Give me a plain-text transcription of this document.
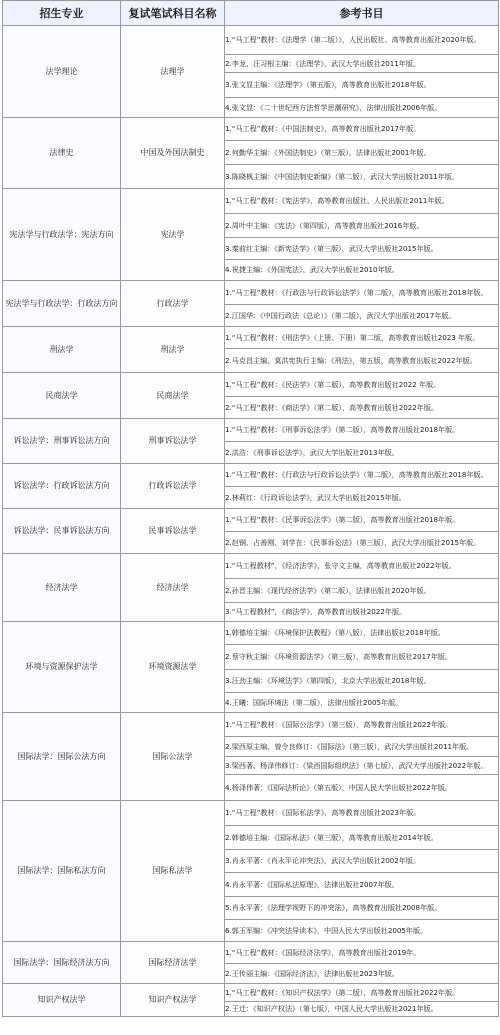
招生专业	复试笔试科目名称	参考书目
法学理论	法理学	1.“马工程”教材：《法理学（第二版）》，人民出版社、高等教育出版社2020年版。
		2.李龙、汪习根主编：《法理学》，武汉大学出版社2011年版。
		3.张文显主编：《法理学》（第五版），高等教育出版社2018年版。
		4.张文显：《二十世纪西方法哲学思潮研究》，法律出版社2006年版。
法律史	中国及外国法制史	1.“马工程”教材：《中国法制史》，高等教育出版社2017年版。
		2.何勤华主编：《外国法制史》（第三版），法律出版社2001年版。
		3.陈晓枫主编：《中国法制史新编》（第二版），武汉大学出版社2011年版。
宪法学与行政法学：宪法方向	宪法学	1.“马工程”教材：《宪法学》，高等教育出版社、人民出版社2011年版。
		2.周叶中主编：《宪法》（第四版），高等教育出版社2016年版。
		3.秦前红主编：《新宪法学》（第三版），武汉大学出版社2015年版。
		4.祝捷主编：《外国宪法》，武汉大学出版社2010年版。
宪法学与行政法学：行政法方向	行政法学	1.“马工程”教材：《行政法与行政诉讼法学》（第二版），高等教育出版社2018年版。
		2.江国华：《中国行政法（总论）》（第二版），武汉大学出版社2017年版。
刑法学	刑法学	1.“马工程”教材：《刑法学》（上册、下册）第二版，高等教育出版社2023 年版。
		2.马克昌主编、莫洪宪执行主编：《刑法》，第五版，高等教育出版社2022年版。
民商法学	民商法学	1.“马工程”教材：《民法学》（第二版），高等教育出版社2022 年版。
		2.“马工程”教材：《商法学》（第二版），高等教育出版社2022年版。
诉讼法学：刑事诉讼法方向	刑事诉讼法学	1.“马工程”教材：《刑事诉讼法学》（第二版），高等教育出版社2018年版。
		2.洪浩：《刑事诉讼法学》，武汉大学出版社2013年版。
诉讼法学：行政诉讼法方向	行政诉讼法学	1.“马工程”教材：《行政法与行政诉讼法学》（第二版），高等教育出版社2018年版。
		2.林莉红：《行政诉讼法学》，武汉大学出版社2015年版。
诉讼法学：民事诉讼法方向	民事诉讼法学	1.“马工程”教材：《民事诉讼法学》（第二版），高等教育出版社2018年版。
		2.赵钢、占善刚、刘学在：《民事诉讼法》（第三版），武汉大学出版社2015年版。
经济法学	经济法学	1.“马工程教材”，《经济法学》，张守文主编，高等教育出版社2022年版。
		2.孙晋主编：《现代经济法学》（第二版），法律出版社2020年版。
		3.“马工程教材”，《商法学》，高等教育出版社2022年版。
环境与资源保护法学	环境资源法学	1.韩德培主编：《环境保护法教程》（第八版），法律出版社2018年版。
		2.蔡守秋主编：《环境资源法学》（第三版），高等教育出版社2017年版。
		3.汪劲主编：《环境法学》（第四版），北京大学出版社2018年版。
		4.王曦：国际环境法（第二版），法律出版社2005年版。
国际法学：国际公法方向	国际公法学	1.“马工程”教材：《国际公法学》（第三版），高等教育出版社2022年版。
		2.梁西原主编、曾令良修订：《国际法》（第三版），武汉大学出版社2011年版。
		3.梁西著、杨泽伟修订：《梁西国际组织法》（第七版），武汉大学出版社2022年版。
		4.杨泽伟著：《国际法析论》（第五版），中国人民大学出版社2022年版。
国际法学：国际私法方向	国际私法学	1.“马工程”教材：《国际私法学》，高等教育出版社2023年版。
		2.韩德培主编：《国际私法》（第三版），高等教育出版社2014年版。
		3.肖永平著：《肖永平论冲突法》，武汉大学出版社2002年版。
		4.肖永平著：《国际私法原理》，法律出版社2007年版。
		5.肖永平著：《法理学视野下的冲突法》，高等教育出版社2008年版。
		6.郭玉军编：《冲突法导读本》，中国人民大学出版社2005年版。
国际法学：国际经济法方向	国际经济法学	1.“马工程”教材：《国际经济法学》，高等教育出版社2019年。
		2.王传丽主编：《国际经济法》，法律出版社2023年版。
知识产权法学	知识产权法学	1.“马工程”教材：《知识产权法学》（第二版），高等教育出版社2022年版。
		2.王迁：《知识产权法》（第七版），中国人民大学出版社2021年版。
